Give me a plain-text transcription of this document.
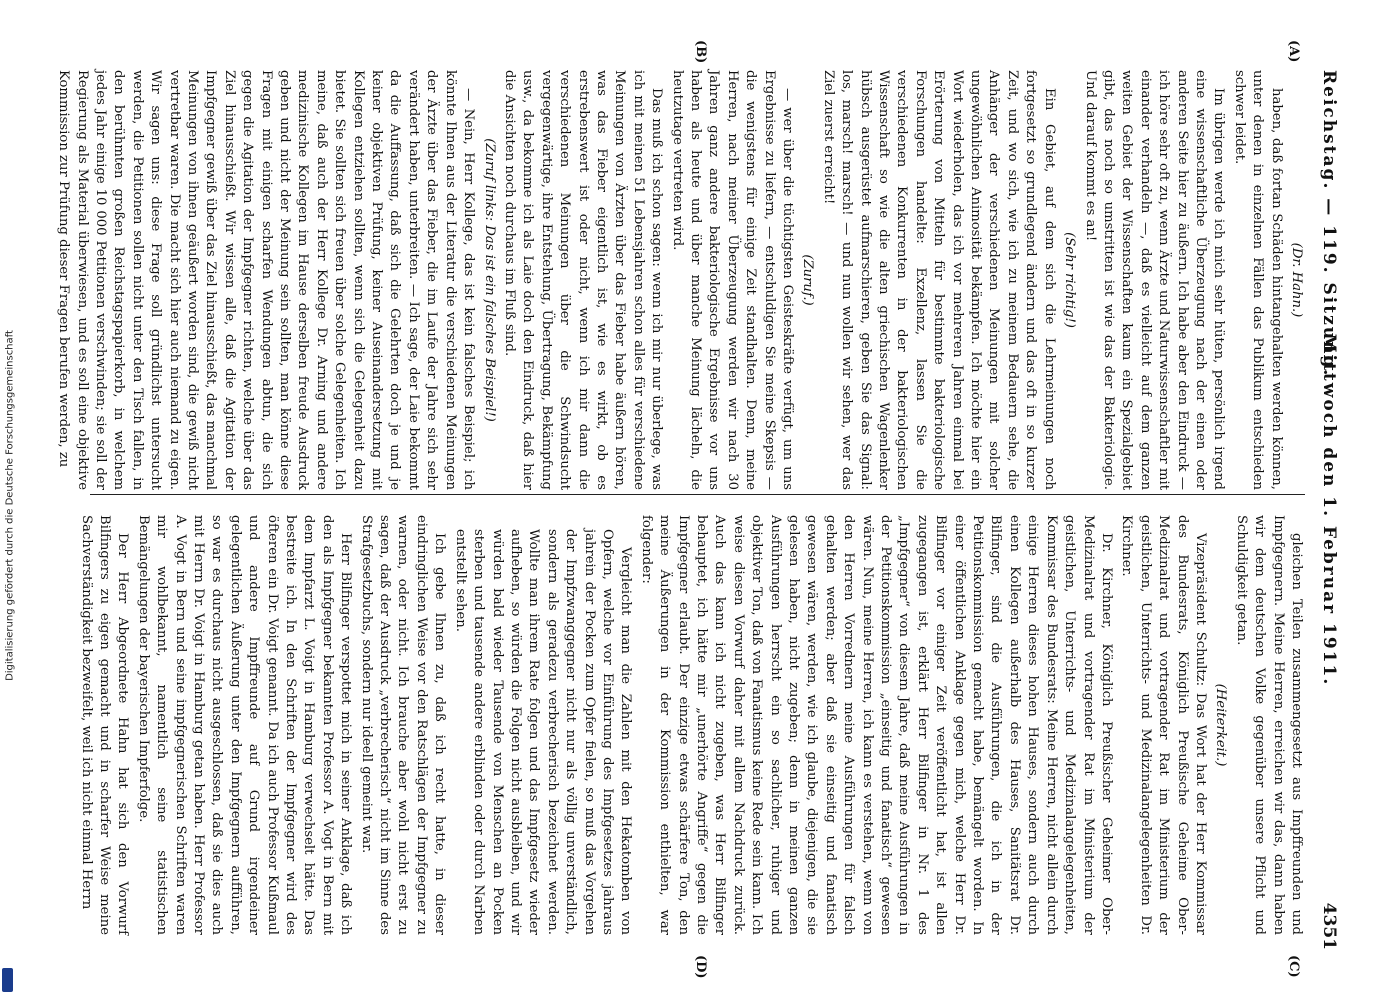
Reichstag. — 119. Sitzung.
Mittwoch den 1. Februar 1911.
4351
(A)
(B)
(C)
(D)

(Dr. Hahn.)

haben, daß fortan Schäden hintangehalten werden können, unter denen in einzelnen Fällen das Publikum entschieden schwer leidet.

Im übrigen werde ich mich sehr hüten, persönlich irgend eine wissenschaftliche Überzeugung nach der einen oder anderen Seite hier zu äußern. Ich habe aber den Eindruck — ich höre sehr oft zu, wenn Ärzte und Naturwissenschaftler mit einander verhandeln —, daß es vielleicht auf dem ganzen weiten Gebiet der Wissenschaften kaum ein Spezialgebiet gibt, das noch so umstritten ist wie das der Bakteriologie. Und darauf kommt es an!

(Sehr richtig!)

Ein Gebiet, auf dem sich die Lehrmeinungen noch fortgesetzt so grundlegend ändern und das oft in so kurzer Zeit, und wo sich, wie ich zu meinem Bedauern sehe, die Anhänger der verschiedenen Meinungen mit solcher ungewöhnlichen Animosität bekämpfen. Ich möchte hier ein Wort wiederholen, das ich vor mehreren Jahren einmal bei Erörterung von Mitteln für bestimmte bakteriologische Forschungen handelte: Exzellenz, lassen Sie die verschiedenen Konkurrenten in der bakteriologischen Wissenschaft so wie die alten griechischen Wagenlenker hübsch ausgerüstet aufmarschieren, geben Sie das Signal: los, marsch! marsch! — und nun wollen wir sehen, wer das Ziel zuerst erreicht!

(Zuruf.)

— wer über die tüchtigsten Geisteskräfte verfügt, um uns Ergebnisse zu liefern, — entschuldigen Sie meine Skepsis — die wenigstens für einige Zeit standhalten. Denn, meine Herren, nach meiner Überzeugung werden wir nach 30 Jahren ganz andere bakteriologische Ergebnisse vor uns haben als heute und über manche Meinung lächeln, die heutzutage vertreten wird.

Das muß ich schon sagen: wenn ich mir nur überlege, was ich mit meinen 51 Lebensjahren schon alles für verschiedene Meinungen von Ärzten über das Fieber habe äußern hören, was das Fieber eigentlich ist, wie es wirkt, ob es erstrebenswert ist oder nicht, wenn ich mir dann die verschiedenen Meinungen über die Schwindsucht vergegenwärtige, ihre Entstehung, Übertragung, Bekämpfung usw., da bekomme ich als Laie doch den Eindruck, daß hier die Ansichten noch durchaus im Fluß sind.

(Zuruf links: Das ist ein falsches Beispiel!)

— Nein, Herr Kollege, das ist kein falsches Beispiel; ich könnte Ihnen aus der Literatur die verschiedenen Meinungen der Ärzte über das Fieber, die im Laufe der Jahre sich sehr verändert haben, unterbreiten. — Ich sage, der Laie bekommt da die Auffassung, daß sich die Gelehrten doch je und je keiner objektiven Prüfung, keiner Auseinandersetzung mit Kollegen entziehen sollten, wenn sich die Gelegenheit dazu bietet. Sie sollten sich freuen über solche Gelegenheiten. Ich meine, daß auch der Herr Kollege Dr. Arning und andere medizinische Kollegen im Hause derselben freude Ausdruck geben und nicht der Meinung sein sollten, man könne diese Fragen mit einigen scharfen Wendungen abtun, die sich gegen die Agitation der Impfgegner richten, welche über das Ziel hinausschießt. Wir wissen alle, daß die Agitation der Impfgegner gewiß über das Ziel hinausschießt, das manchmal Meinungen von ihnen geäußert worden sind, die gewiß nicht vertretbar waren. Die macht sich hier auch niemand zu eigen. Wir sagen uns: diese Frage soll gründlichst untersucht werden, die Petitionen sollen nicht unter den Tisch fallen, in den berühmten großen Reichstagspapierkorb, in welchem jedes Jahr einige 10 000 Petitionen verschwinden; sie soll der Regierung als Material überwiesen, und es soll eine objektive Kommission zur Prüfung dieser Fragen berufen werden, zu

gleichen Teilen zusammengesetzt aus Impffreunden und Impfgegnern. Meine Herren, erreichen wir das, dann haben wir dem deutschen Volke gegenüber unsere Pflicht und Schuldigkeit getan.

(Heiterkeit.)

Vizepräsident Schultz: Das Wort hat der Herr Kommissar des Bundesrats, Königlich Preußische Geheime Ober-Medizinalrat und vortragender Rat im Ministerium der geistlichen, Unterrichts- und Medizinalangelegenheiten Dr. Kirchner.

Dr. Kirchner, Königlich Preußischer Geheimer Ober-Medizinalrat und vortragender Rat im Ministerium der geistlichen, Unterrichts- und Medizinalangelegenheiten, Kommissar des Bundesrats: Meine Herren, nicht allein durch einige Herren dieses hohen Hauses, sondern auch durch einen Kollegen außerhalb des Hauses, Sanitätsrat Dr. Bilfinger, sind die Ausführungen, die ich in der Petitionskommission gemacht habe, bemängelt worden. In einer öffentlichen Anklage gegen mich, welche Herr Dr. Bilfinger vor einiger Zeit veröffentlicht hat, ist allen zugegangen ist, erklärt Herr Bilfinger in Nr. 1 des „Impfgegner“ von diesem Jahre, daß meine Ausführungen in der Petitionskommission „einseitig und fanatisch“ gewesen wären. Nun, meine Herren, ich kann es verstehen, wenn von den Herren Vorrednern meine Ausführungen für falsch gehalten werden; aber daß sie einseitig und fanatisch gewesen wären, werden, wie ich glaube, diejenigen, die sie gelesen haben, nicht zugeben; denn in meinen ganzen Ausführungen herrscht ein so sachlicher, ruhiger und objektiver Ton, daß von Fanatismus keine Rede sein kann. Ich weise diesen Vorwurf daher mit allem Nachdruck zurück. Auch das kann ich nicht zugeben, was Herr Bilfinger behauptet, ich hätte mir „unerhörte Angriffe“ gegen die Impfgegner erlaubt. Der einzige etwas schärfere Ton, den meine Äußerungen in der Kommission enthielten, war folgender:

Vergleicht man die Zahlen mit den Hekatomben von Opfern, welche vor Einführung des Impfgesetzes jahraus jahrein der Pocken zum Opfer fielen, so muß das Vorgehen der Impfzwanggegner nicht nur als völlig unverständlich, sondern als geradezu verbrecherisch bezeichnet werden. Wollte man ihrem Rate folgen und das Impfgesetz wieder aufheben, so würden die Folgen nicht ausbleiben, und wir würden bald wieder Tausende von Menschen an Pocken sterben und tausende andere erblinden oder durch Narben entstellt sehen.

Ich gebe Ihnen zu, daß ich recht hatte, in dieser eindringlichen Weise vor den Ratschlägen der Impfgegner zu warnen, oder nicht. Ich brauche aber wohl nicht erst zu sagen, daß der Ausdruck „verbrecherisch“ nicht im Sinne des Strafgesetzbuchs, sondern nur ideell gemeint war.

Herr Bilfinger verspottet mich in seiner Anklage, daß ich den als Impfgegner bekannten Professor A. Vogt in Bern mit dem Impfarzt L. Voigt in Hamburg verwechselt hätte. Das bestreite ich. In den Schriften der Impfgegner wird des öfteren ein Dr. Voigt genannt. Da ich auch Professor Kußmaul und andere Impffreunde auf Grund irgendeiner gelegentlichen Äußerung unter den Impfgegnern aufführen, so war es durchaus nicht ausgeschlossen, daß sie dies auch mit Herrn Dr. Voigt in Hamburg getan haben. Herr Professor A. Vogt in Bern und seine impfgegnerischen Schriften waren mir wohlbekannt, namentlich seine statistischen Bemängelungen der bayerischen Impferfolge.

Der Herr Abgeordnete Hahn hat sich den Vorwurf Bilfingers zu eigen gemacht und in scharfer Weise meine Sachverständigkeit bezweifelt, weil ich nicht einmal Herrn

Digitalisierung gefördert durch die Deutsche Forschungsgemeinschaft
